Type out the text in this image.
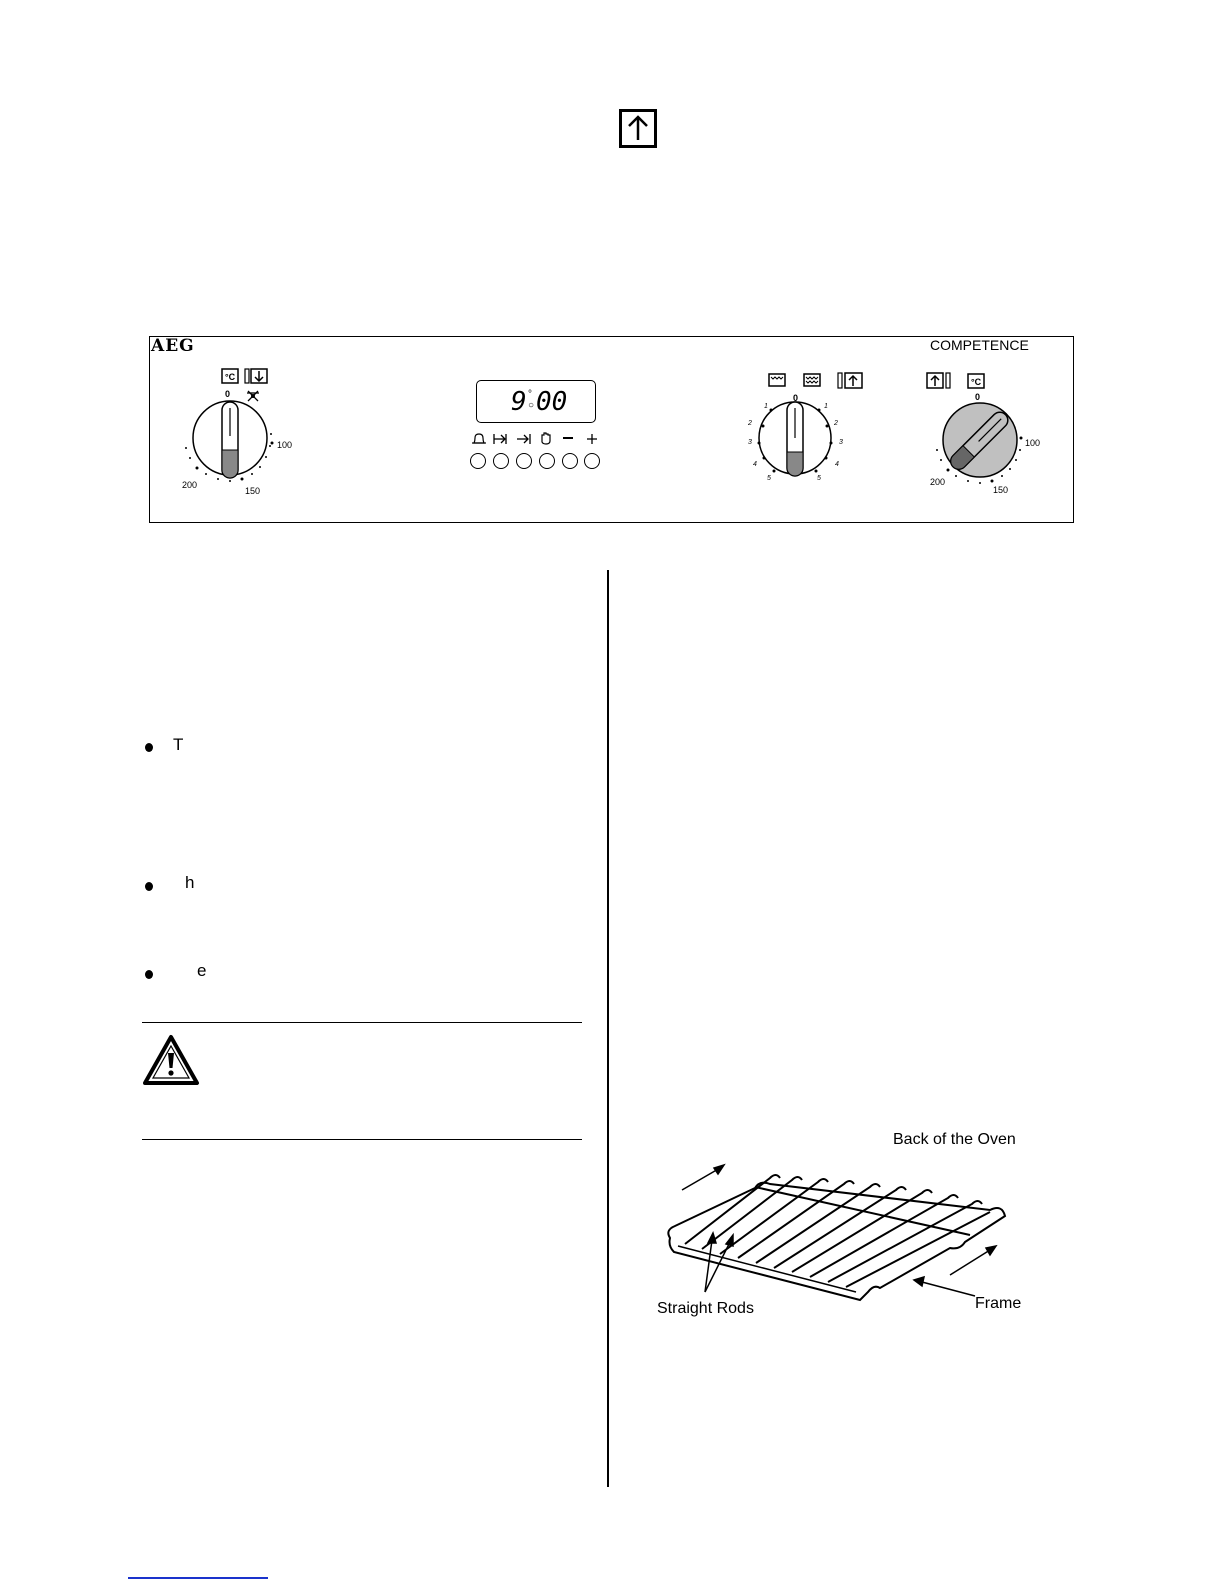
AEG	COMPETENCE
°C
0
100
200
150
9 °
○ 00	0
1
2
3
4
5
1
2
3
4
5
°C
0
100
200
150
T
h
e
Back of the Oven
Straight Rods	Frame
